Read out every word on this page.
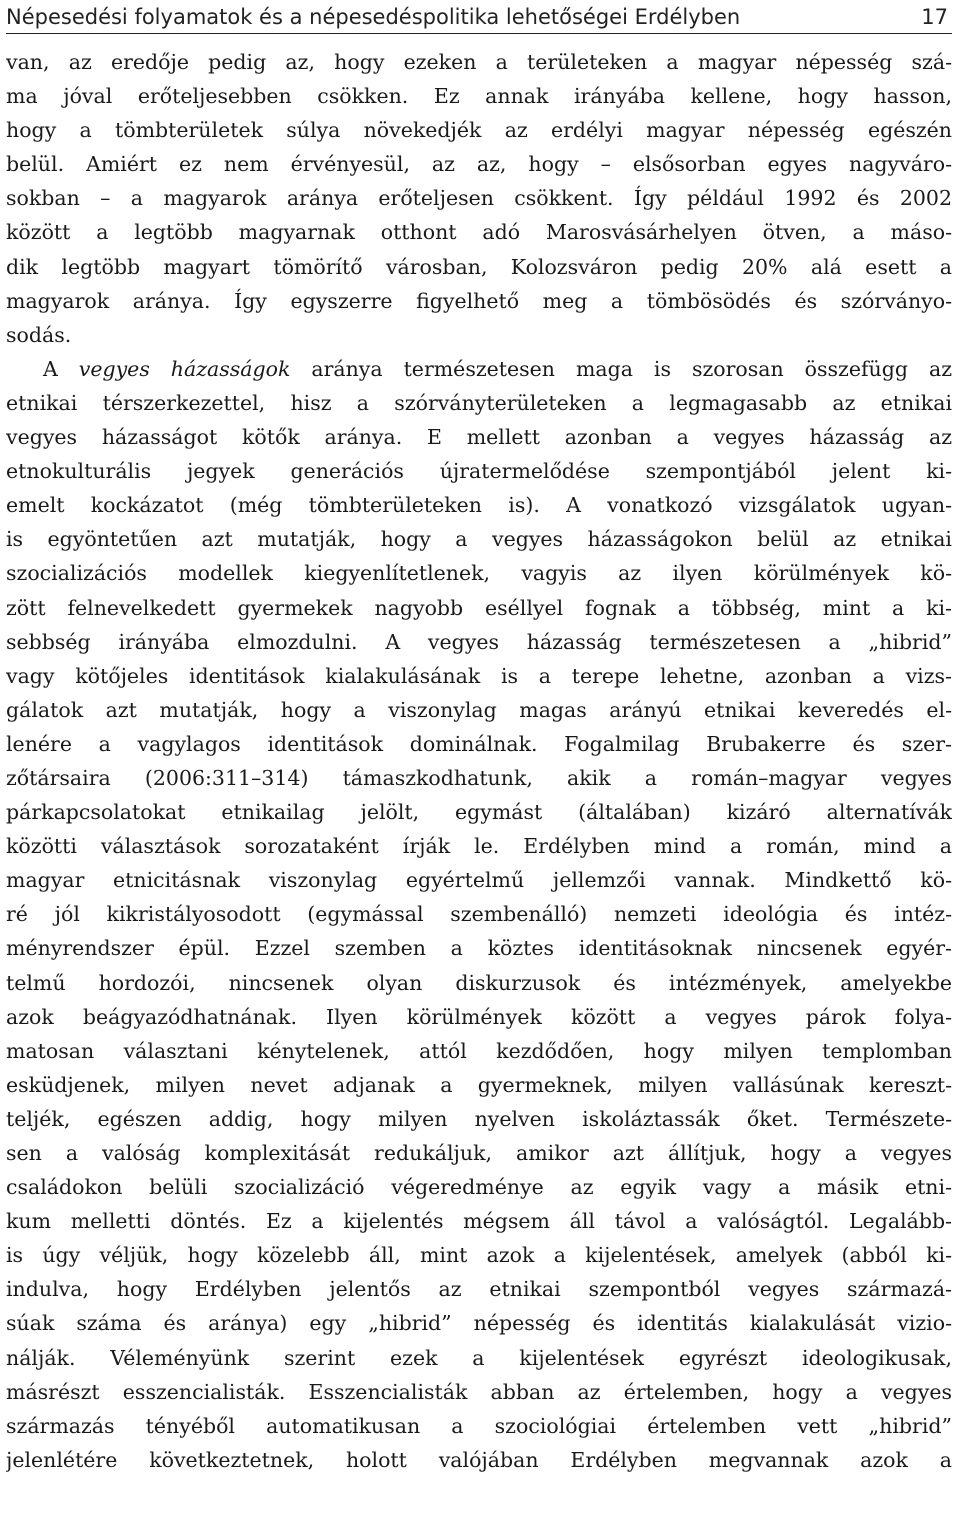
Népesedési folyamatok és a népesedéspolitika lehetőségei Erdélyben	17
van, az eredője pedig az, hogy ezeken a területeken a magyar népesség szá-
ma jóval erőteljesebben csökken. Ez annak irányába kellene, hogy hasson,
hogy a tömbterületek súlya növekedjék az erdélyi magyar népesség egészén
belül. Amiért ez nem érvényesül, az az, hogy – elsősorban egyes nagyváro-
sokban – a magyarok aránya erőteljesen csökkent. Így például 1992 és 2002
között a legtöbb magyarnak otthont adó Marosvásárhelyen ötven, a máso-
dik legtöbb magyart tömörítő városban, Kolozsváron pedig 20% alá esett a
magyarok aránya. Így egyszerre figyelhető meg a tömbösödés és szórványo-
sodás.
A vegyes házasságok aránya természetesen maga is szorosan összefügg az
etnikai térszerkezettel, hisz a szórványterületeken a legmagasabb az etnikai
vegyes házasságot kötők aránya. E mellett azonban a vegyes házasság az
etnokulturális jegyek generációs újratermelődése szempontjából jelent ki-
emelt kockázatot (még tömbterületeken is). A vonatkozó vizsgálatok ugyan-
is egyöntetűen azt mutatják, hogy a vegyes házasságokon belül az etnikai
szocializációs modellek kiegyenlítetlenek, vagyis az ilyen körülmények kö-
zött felnevelkedett gyermekek nagyobb eséllyel fognak a többség, mint a ki-
sebbség irányába elmozdulni. A vegyes házasság természetesen a „hibrid”
vagy kötőjeles identitások kialakulásának is a terepe lehetne, azonban a vizs-
gálatok azt mutatják, hogy a viszonylag magas arányú etnikai keveredés el-
lenére a vagylagos identitások dominálnak. Fogalmilag Brubakerre és szer-
zőtársaira (2006:311–314) támaszkodhatunk, akik a román–magyar vegyes
párkapcsolatokat etnikailag jelölt, egymást (általában) kizáró alternatívák
közötti választások sorozataként írják le. Erdélyben mind a román, mind a
magyar etnicitásnak viszonylag egyértelmű jellemzői vannak. Mindkettő kö-
ré jól kikristályosodott (egymással szembenálló) nemzeti ideológia és intéz-
ményrendszer épül. Ezzel szemben a köztes identitásoknak nincsenek egyér-
telmű hordozói, nincsenek olyan diskurzusok és intézmények, amelyekbe
azok beágyazódhatnának. Ilyen körülmények között a vegyes párok folya-
matosan választani kénytelenek, attól kezdődően, hogy milyen templomban
esküdjenek, milyen nevet adjanak a gyermeknek, milyen vallásúnak kereszt-
teljék, egészen addig, hogy milyen nyelven iskoláztassák őket. Természete-
sen a valóság komplexitását redukáljuk, amikor azt állítjuk, hogy a vegyes
családokon belüli szocializáció végeredménye az egyik vagy a másik etni-
kum melletti döntés. Ez a kijelentés mégsem áll távol a valóságtól. Legalább-
is úgy véljük, hogy közelebb áll, mint azok a kijelentések, amelyek (abból ki-
indulva, hogy Erdélyben jelentős az etnikai szempontból vegyes származá-
súak száma és aránya) egy „hibrid” népesség és identitás kialakulását vizio-
nálják. Véleményünk szerint ezek a kijelentések egyrészt ideologikusak,
másrészt esszencialisták. Esszencialisták abban az értelemben, hogy a vegyes
származás tényéből automatikusan a szociológiai értelemben vett „hibrid”
jelenlétére következtetnek, holott valójában Erdélyben megvannak azok a
